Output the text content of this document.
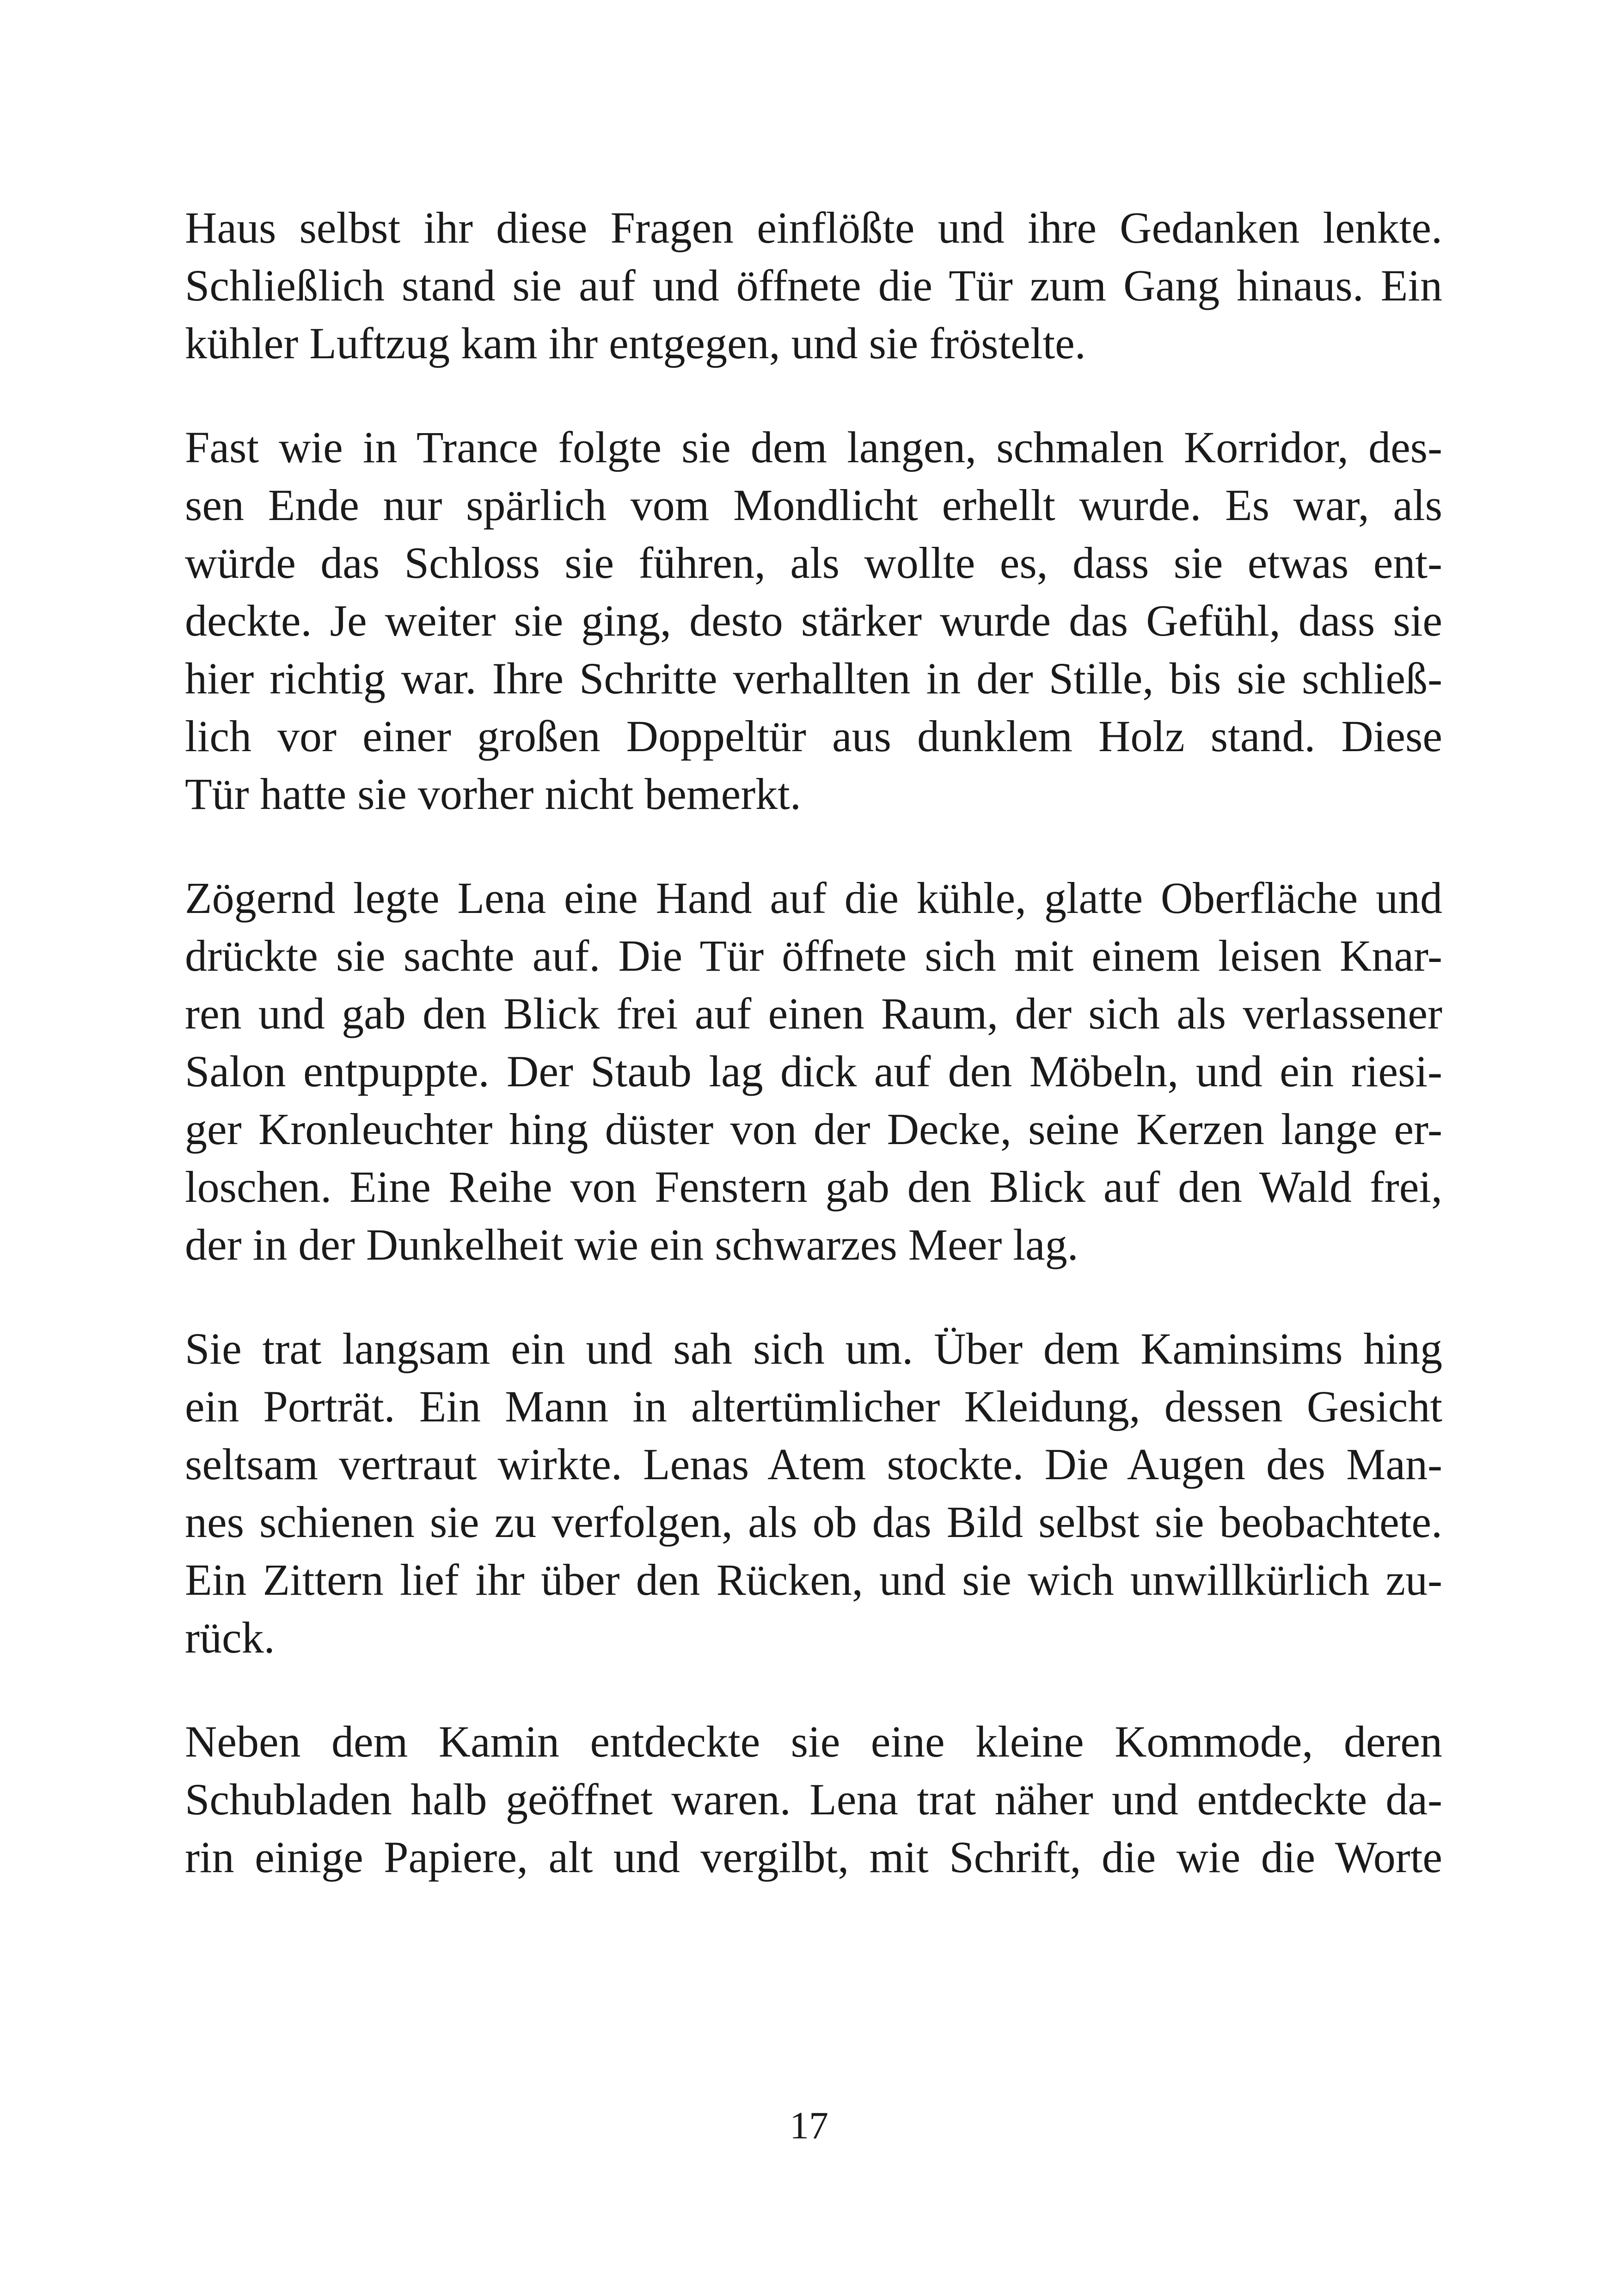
Haus selbst ihr diese Fragen einflößte und ihre Gedanken lenkte.
Schließlich stand sie auf und öffnete die Tür zum Gang hinaus. Ein
kühler Luftzug kam ihr entgegen, und sie fröstelte.

Fast wie in Trance folgte sie dem langen, schmalen Korridor, des-
sen Ende nur spärlich vom Mondlicht erhellt wurde. Es war, als
würde das Schloss sie führen, als wollte es, dass sie etwas ent-
deckte. Je weiter sie ging, desto stärker wurde das Gefühl, dass sie
hier richtig war. Ihre Schritte verhallten in der Stille, bis sie schließ-
lich vor einer großen Doppeltür aus dunklem Holz stand. Diese
Tür hatte sie vorher nicht bemerkt.

Zögernd legte Lena eine Hand auf die kühle, glatte Oberfläche und
drückte sie sachte auf. Die Tür öffnete sich mit einem leisen Knar-
ren und gab den Blick frei auf einen Raum, der sich als verlassener
Salon entpuppte. Der Staub lag dick auf den Möbeln, und ein riesi-
ger Kronleuchter hing düster von der Decke, seine Kerzen lange er-
loschen. Eine Reihe von Fenstern gab den Blick auf den Wald frei,
der in der Dunkelheit wie ein schwarzes Meer lag.

Sie trat langsam ein und sah sich um. Über dem Kaminsims hing
ein Porträt. Ein Mann in altertümlicher Kleidung, dessen Gesicht
seltsam vertraut wirkte. Lenas Atem stockte. Die Augen des Man-
nes schienen sie zu verfolgen, als ob das Bild selbst sie beobachtete.
Ein Zittern lief ihr über den Rücken, und sie wich unwillkürlich zu-
rück.

Neben dem Kamin entdeckte sie eine kleine Kommode, deren
Schubladen halb geöffnet waren. Lena trat näher und entdeckte da-
rin einige Papiere, alt und vergilbt, mit Schrift, die wie die Worte

17
